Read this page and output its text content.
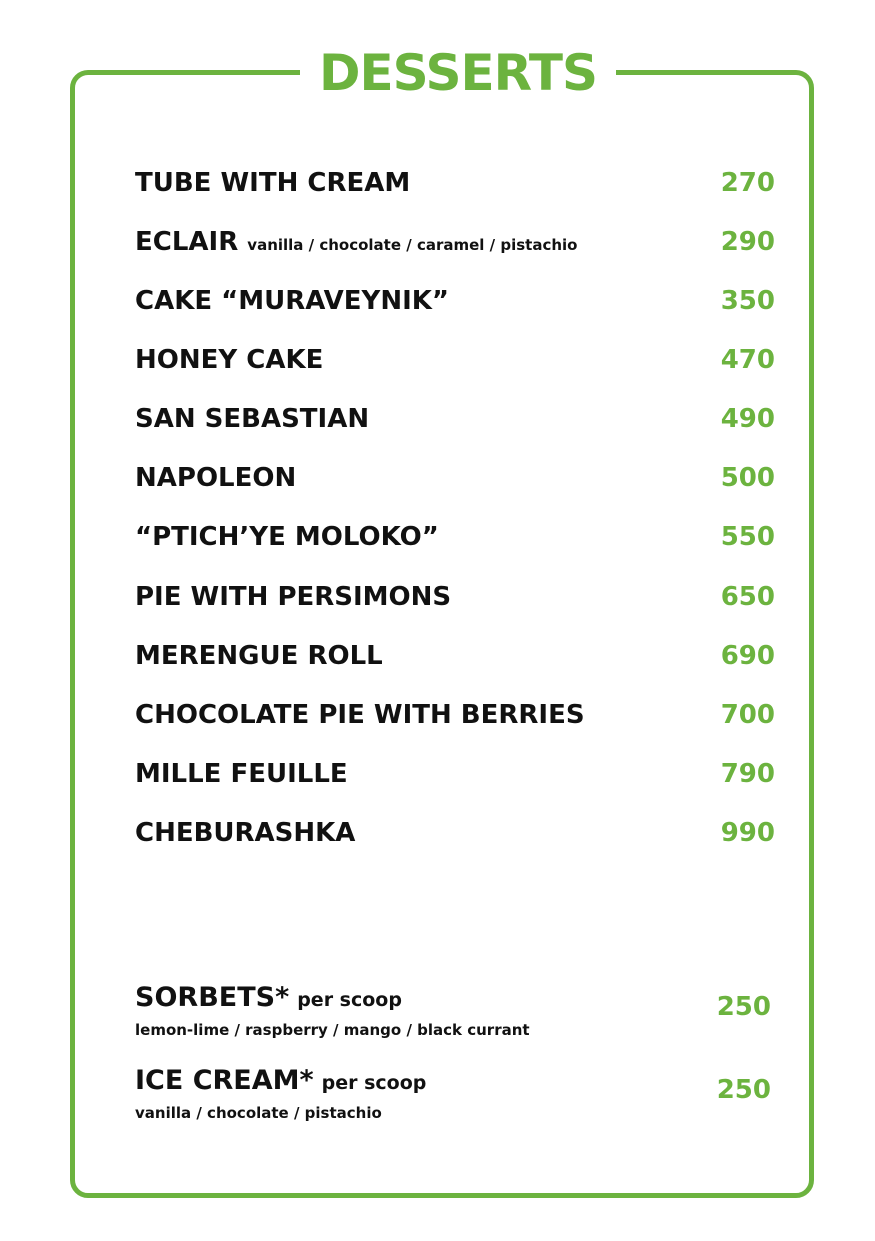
DESSERTS
TUBE WITH CREAM	270
ECLAIR vanilla / chocolate / caramel / pistachio	290
CAKE “MURAVEYNIK”	350
HONEY CAKE	470
SAN SEBASTIAN	490
NAPOLEON	500
“PTICH’YE MOLOKO”	550
PIE WITH PERSIMONS	650
MERENGUE ROLL	690
CHOCOLATE PIE WITH BERRIES	700
MILLE FEUILLE	790
CHEBURASHKA	990
SORBETS* per scoop
lemon-lime / raspberry / mango / black currant
250
ICE CREAM* per scoop
vanilla / chocolate / pistachio
250
